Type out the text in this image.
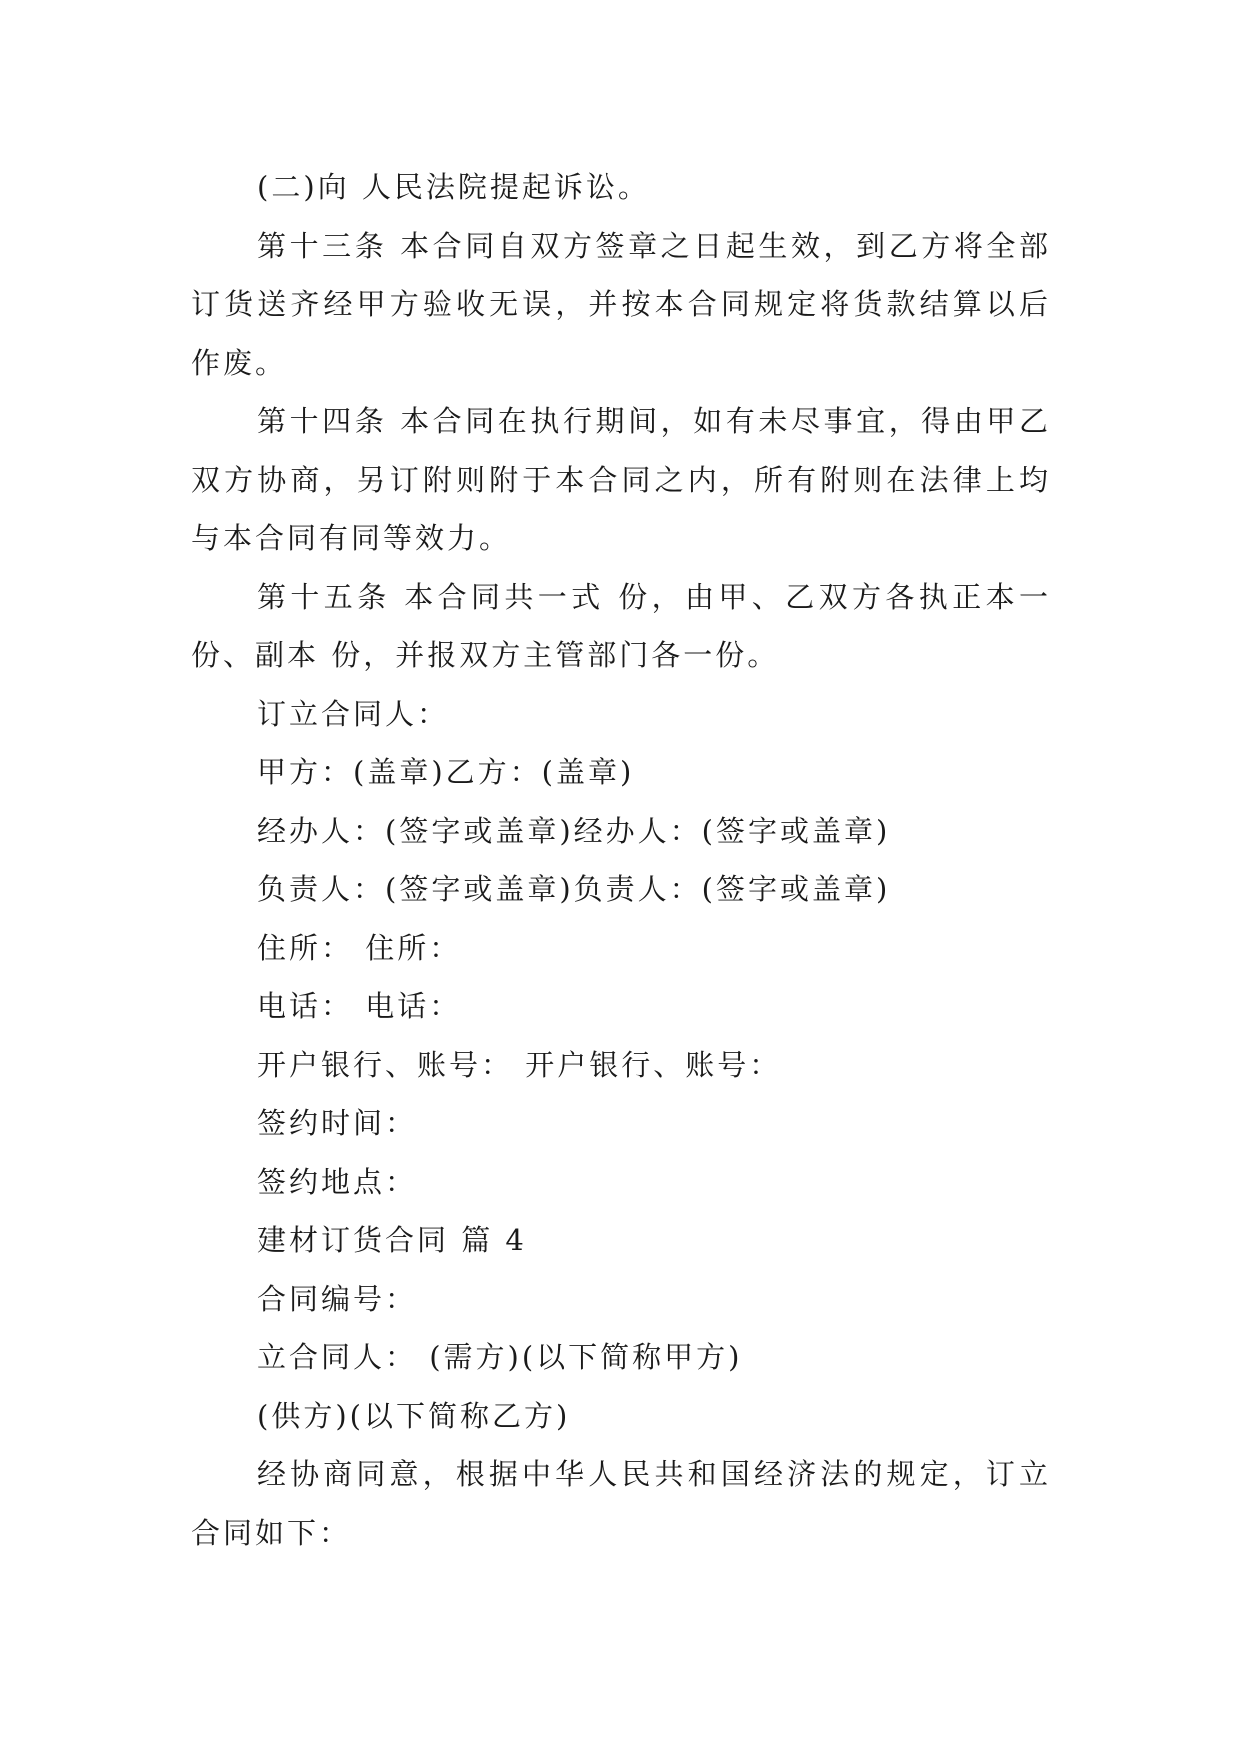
(二)向 人民法院提起诉讼。

第十三条 本合同自双方签章之日起生效，到乙方将全部订货送齐经甲方验收无误，并按本合同规定将货款结算以后作废。

第十四条 本合同在执行期间，如有未尽事宜，得由甲乙双方协商，另订附则附于本合同之内，所有附则在法律上均与本合同有同等效力。

第十五条 本合同共一式 份，由甲、乙双方各执正本一份、副本 份，并报双方主管部门各一份。

订立合同人：

甲方：(盖章)乙方：(盖章)

经办人：(签字或盖章)经办人：(签字或盖章)

负责人：(签字或盖章)负责人：(签字或盖章)

住所： 住所：

电话： 电话：

开户银行、账号： 开户银行、账号：

签约时间：

签约地点：

建材订货合同 篇 4

合同编号：

立合同人： (需方)(以下简称甲方)

(供方)(以下简称乙方)

经协商同意，根据中华人民共和国经济法的规定，订立合同如下：
